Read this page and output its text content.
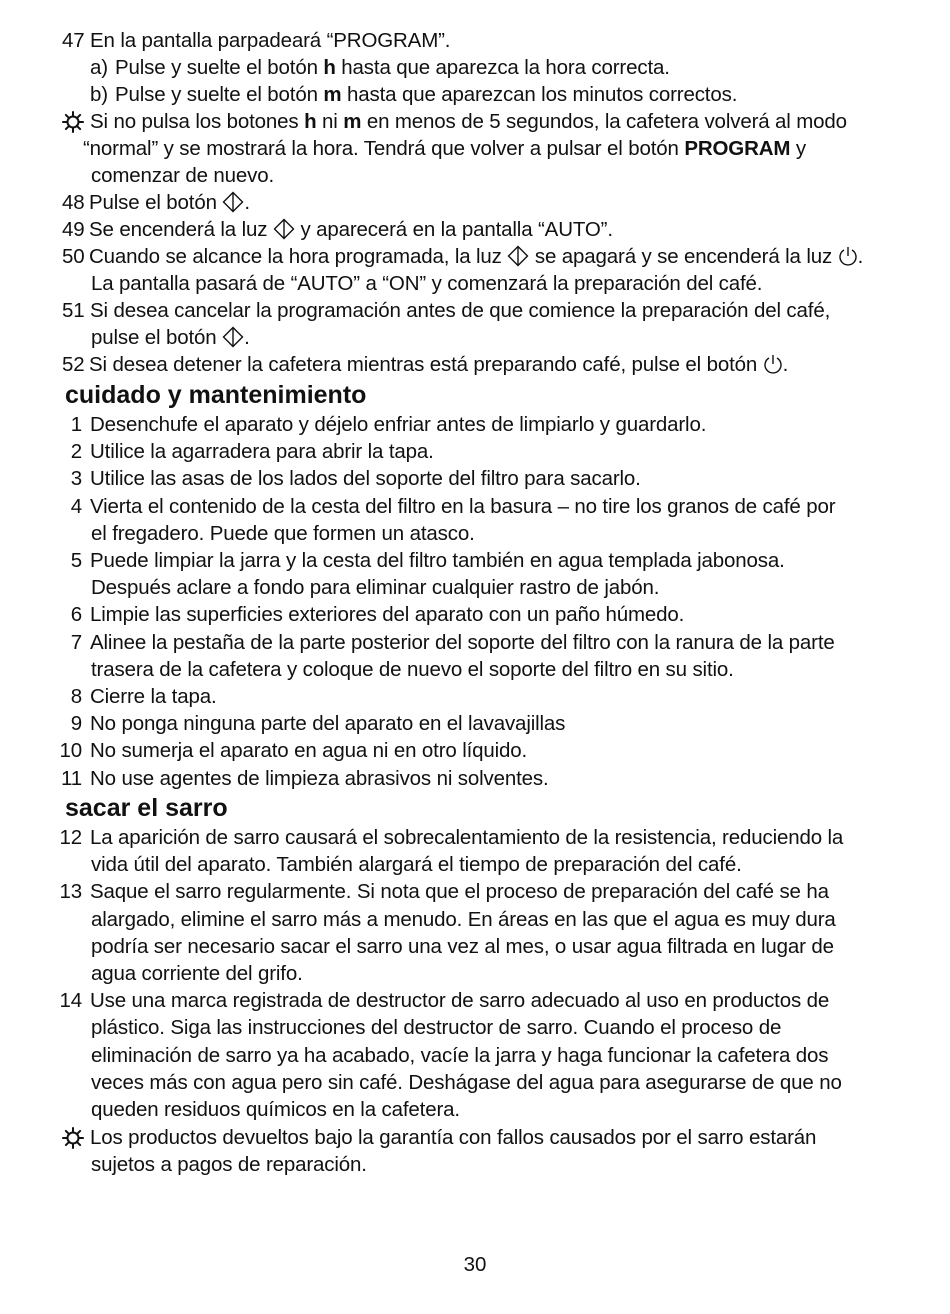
47 En la pantalla parpadeará “PROGRAM”.
a) Pulse y suelte el botón h hasta que aparezca la hora correcta.
b) Pulse y suelte el botón m hasta que aparezcan los minutos correctos.
Si no pulsa los botones h ni m en menos de 5 segundos, la cafetera volverá al modo
“normal” y se mostrará la hora. Tendrá que volver a pulsar el botón PROGRAM y
comenzar de nuevo.
48 Pulse el botón
.
49 Se encenderá la luz
y aparecerá en la pantalla “AUTO”.
50 Cuando se alcance la hora programada, la luz
se apagará y se encenderá la luz
.
La pantalla pasará de “AUTO” a “ON” y comenzará la preparación del café.
51 Si desea cancelar la programación antes de que comience la preparación del café,
pulse el botón
.
52 Si desea detener la cafetera mientras está preparando café, pulse el botón
.
cuidado y mantenimiento
1 Desenchufe el aparato y déjelo enfriar antes de limpiarlo y guardarlo.
2 Utilice la agarradera para abrir la tapa.
3 Utilice las asas de los lados del soporte del filtro para sacarlo.
4 Vierta el contenido de la cesta del filtro en la basura – no tire los granos de café por
el fregadero. Puede que formen un atasco.
5 Puede limpiar la jarra y la cesta del filtro también en agua templada jabonosa.
Después aclare a fondo para eliminar cualquier rastro de jabón.
6 Limpie las superficies exteriores del aparato con un paño húmedo.
7 Alinee la pestaña de la parte posterior del soporte del filtro con la ranura de la parte
trasera de la cafetera y coloque de nuevo el soporte del filtro en su sitio.
8 Cierre la tapa.
9 No ponga ninguna parte del aparato en el lavavajillas
10 No sumerja el aparato en agua ni en otro líquido.
11 No use agentes de limpieza abrasivos ni solventes.
sacar el sarro
12 La aparición de sarro causará el sobrecalentamiento de la resistencia, reduciendo la
vida útil del aparato. También alargará el tiempo de preparación del café.
13 Saque el sarro regularmente. Si nota que el proceso de preparación del café se ha
alargado, elimine el sarro más a menudo. En áreas en las que el agua es muy dura
podría ser necesario sacar el sarro una vez al mes, o usar agua filtrada en lugar de
agua corriente del grifo.
14 Use una marca registrada de destructor de sarro adecuado al uso en productos de
plástico. Siga las instrucciones del destructor de sarro. Cuando el proceso de
eliminación de sarro ya ha acabado, vacíe la jarra y haga funcionar la cafetera dos
veces más con agua pero sin café. Deshágase del agua para asegurarse de que no
queden residuos químicos en la cafetera.
Los productos devueltos bajo la garantía con fallos causados por el sarro estarán
sujetos a pagos de reparación.
30
